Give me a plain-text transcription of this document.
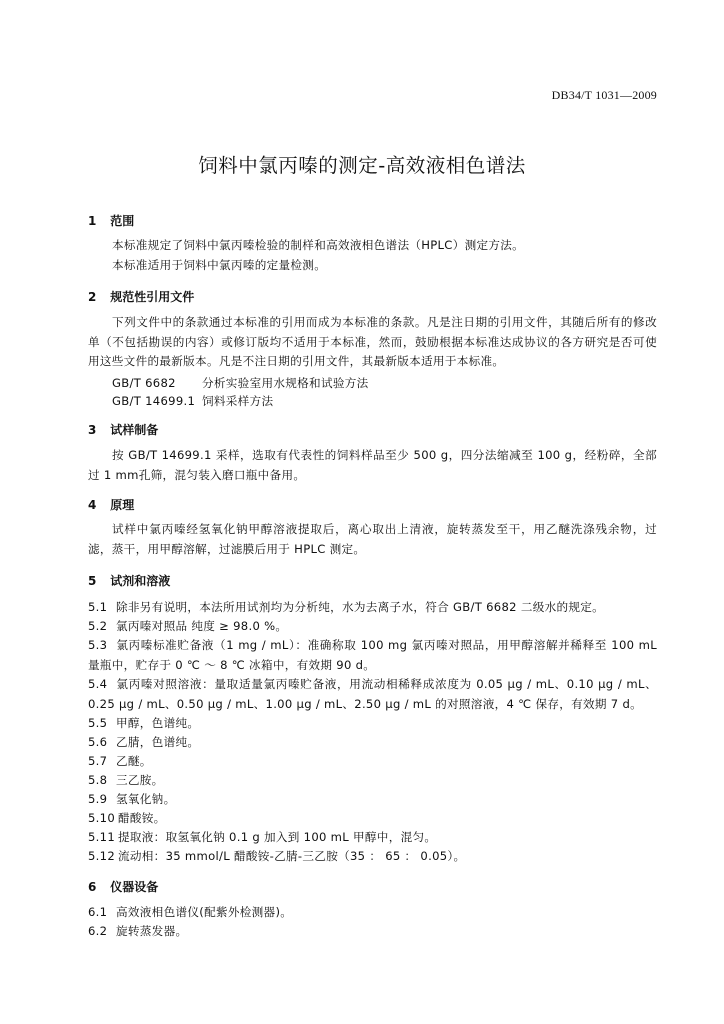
DB34/T 1031—2009
饲料中氯丙嗪的测定-高效液相色谱法
1 范围
本标准规定了饲料中氯丙嗪检验的制样和高效液相色谱法（HPLC）测定方法。
本标准适用于饲料中氯丙嗪的定量检测。
2 规范性引用文件
下列文件中的条款通过本标准的引用而成为本标准的条款。凡是注日期的引用文件，其随后所有的修改单（不包括勘误的内容）或修订版均不适用于本标准，然而，鼓励根据本标准达成协议的各方研究是否可使用这些文件的最新版本。凡是不注日期的引用文件，其最新版本适用于本标准。
GB/T 6682 分析实验室用水规格和试验方法
GB/T 14699.1 饲料采样方法
3 试样制备
按 GB/T 14699.1 采样，选取有代表性的饲料样品至少 500 g，四分法缩减至 100 g，经粉碎，全部过 1 mm孔筛，混匀装入磨口瓶中备用。
4 原理
试样中氯丙嗪经氢氧化钠甲醇溶液提取后，离心取出上清液，旋转蒸发至干，用乙醚洗涤残余物，过滤，蒸干，用甲醇溶解，过滤膜后用于 HPLC 测定。
5 试剂和溶液
5.1 除非另有说明，本法所用试剂均为分析纯，水为去离子水，符合 GB/T 6682 二级水的规定。
5.2 氯丙嗪对照品 纯度 ≥ 98.0 %。
5.3 氯丙嗪标准贮备液（1 mg / mL）：准确称取 100 mg 氯丙嗪对照品，用甲醇溶解并稀释至 100 mL 量瓶中，贮存于 0 ℃ ～ 8 ℃ 冰箱中，有效期 90 d。
5.4 氯丙嗪对照溶液：量取适量氯丙嗪贮备液，用流动相稀释成浓度为 0.05 μg / mL、0.10 μg / mL、0.25 μg / mL、0.50 μg / mL、1.00 μg / mL、2.50 μg / mL 的对照溶液，4 ℃ 保存，有效期 7 d。
5.5 甲醇，色谱纯。
5.6 乙腈，色谱纯。
5.7 乙醚。
5.8 三乙胺。
5.9 氢氧化钠。
5.10 醋酸铵。
5.11 提取液：取氢氧化钠 0.1 g 加入到 100 mL 甲醇中，混匀。
5.12 流动相：35 mmol/L 醋酸铵-乙腈-三乙胺（35 ： 65 ： 0.05）。
6 仪器设备
6.1 高效液相色谱仪(配紫外检测器)。
6.2 旋转蒸发器。
